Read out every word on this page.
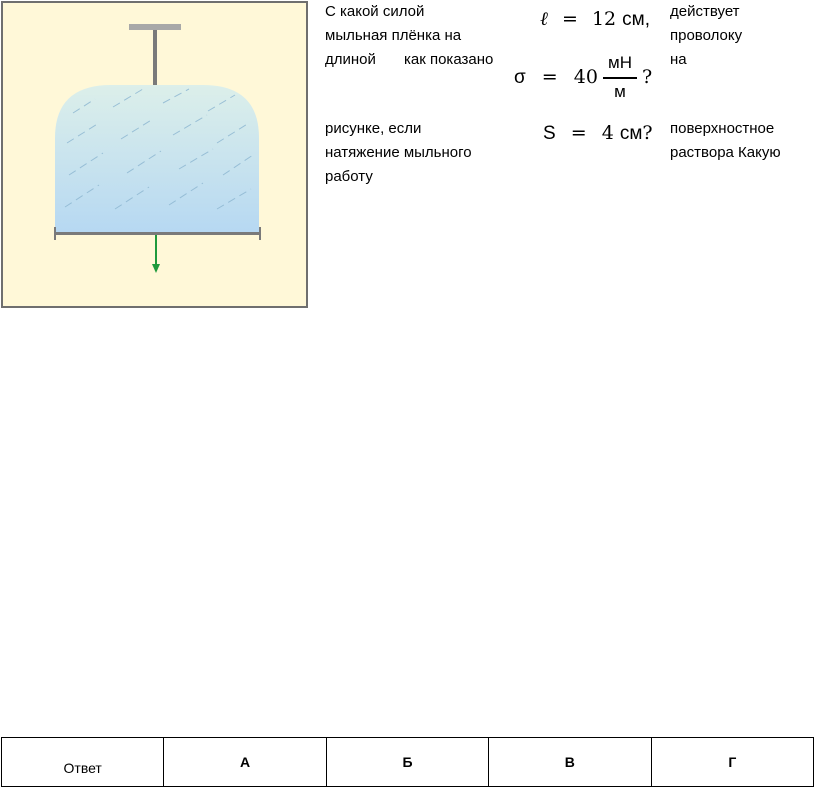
С какой силой
мыльная плёнка на
длиной как показано
рисунке, если
натяжение мыльного
работу
действует
проволоку
на
поверхностное
раствора Какую
ℓ = 12 см,
σ = 40
мН
м
?
S = 4 см?
Ответ	А	Б	В	Г
